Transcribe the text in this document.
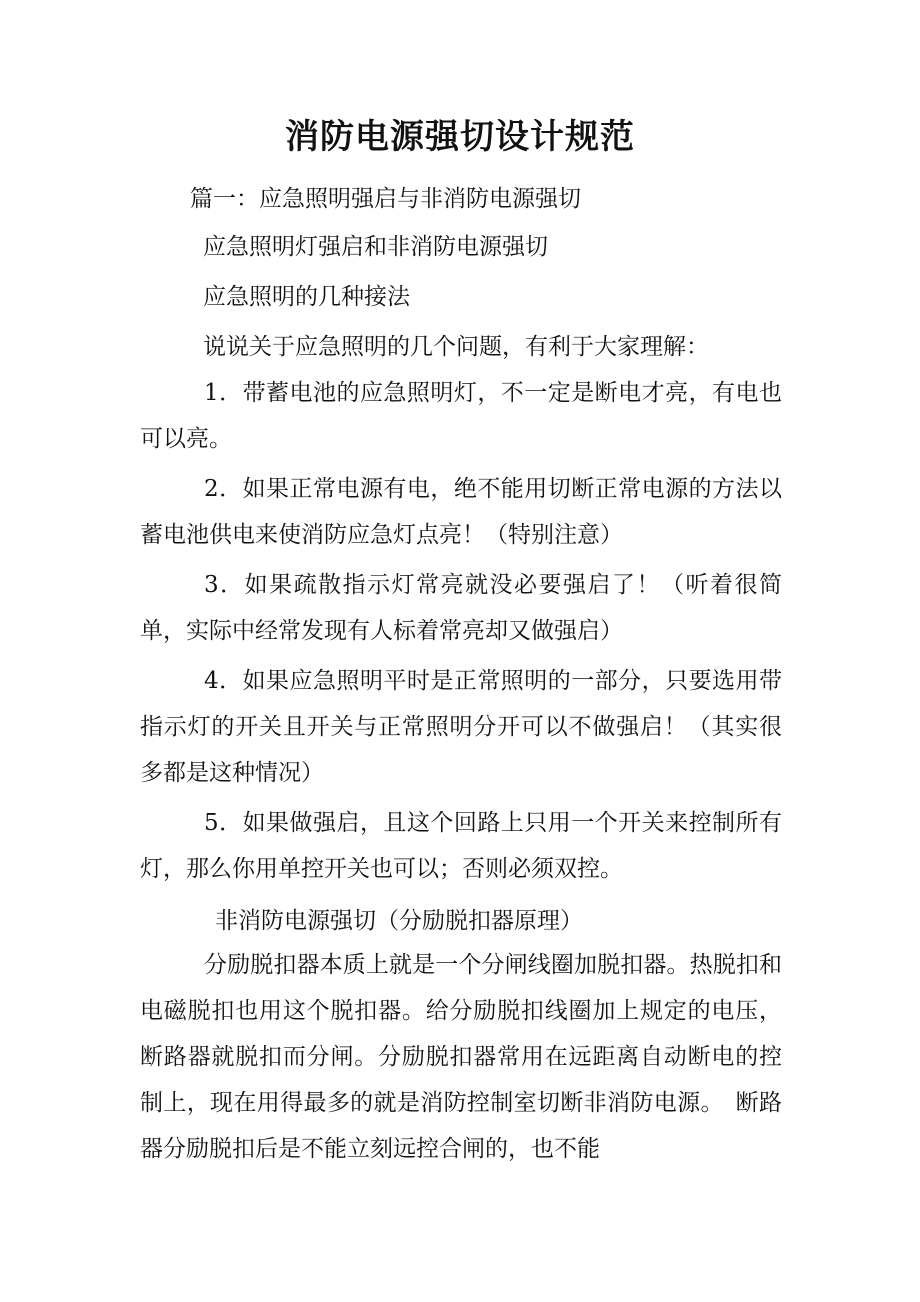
消防电源强切设计规范
篇一：应急照明强启与非消防电源强切
应急照明灯强启和非消防电源强切
应急照明的几种接法
说说关于应急照明的几个问题，有利于大家理解：

1．带蓄电池的应急照明灯，不一定是断电才亮，有电也可以亮。

2．如果正常电源有电，绝不能用切断正常电源的方法以蓄电池供电来使消防应急灯点亮！（特别注意）

3．如果疏散指示灯常亮就没必要强启了！（听着很简单，实际中经常发现有人标着常亮却又做强启）

4．如果应急照明平时是正常照明的一部分，只要选用带指示灯的开关且开关与正常照明分开可以不做强启！（其实很多都是这种情况）

5．如果做强启，且这个回路上只用一个开关来控制所有灯，那么你用单控开关也可以；否则必须双控。

非消防电源强切（分励脱扣器原理）

分励脱扣器本质上就是一个分闸线圈加脱扣器。热脱扣和电磁脱扣也用这个脱扣器。给分励脱扣线圈加上规定的电压，断路器就脱扣而分闸。分励脱扣器常用在远距离自动断电的控制上，现在用得最多的就是消防控制室切断非消防电源。　断路器分励脱扣后是不能立刻远控合闸的，也不能
